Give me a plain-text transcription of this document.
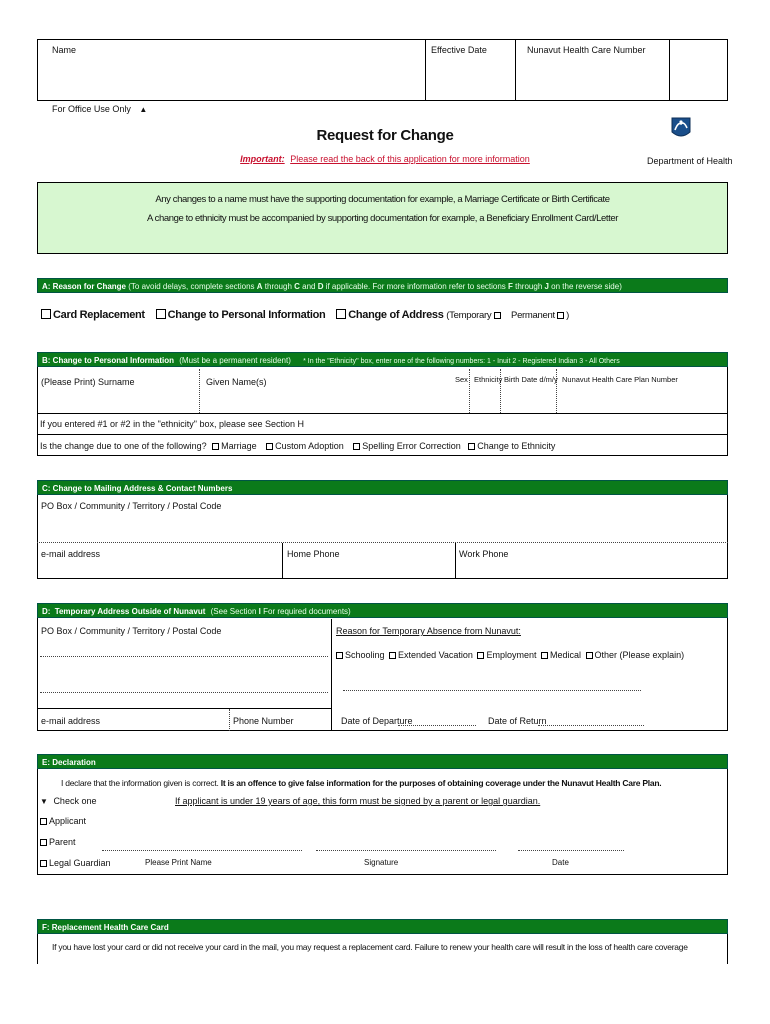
Name	Effective Date	Nunavut Health Care Number
For Office Use Only ▲
Request for Change
Important: Please read the back of this application for more information	Department of Health
Any changes to a name must have the supporting documentation for example, a Marriage Certificate or Birth Certificate
A change to ethnicity must be accompanied by supporting documentation for example, a Beneficiary Enrollment Card/Letter
A: Reason for Change (To avoid delays, complete sections A through C and D if applicable. For more information refer to sections F through J on the reverse side)
Card Replacement Change to Personal Information Change of Address (Temporary Permanent )
B: Change to Personal Information (Must be a permanent resident) * In the "Ethnicity" box, enter one of the following numbers: 1 - Inuit 2 - Registered Indian 3 - All Others
(Please Print) Surname	Given Name(s)	Sex Ethnicity Birth Date d/m/y Nunavut Health Care Plan Number
If you entered #1 or #2 in the "ethnicity" box, please see Section H
Is the change due to one of the following? Marriage Custom Adoption Spelling Error Correction Change to Ethnicity
C: Change to Mailing Address & Contact Numbers
PO Box / Community / Territory / Postal Code
e-mail address	Home Phone	Work Phone
D: Temporary Address Outside of Nunavut (See Section I For required documents)
PO Box / Community / Territory / Postal Code	Reason for Temporary Absence from Nunavut:
Schooling Extended Vacation Employment Medical Other (Please explain)
e-mail address	Phone Number	Date of Departure	Date of Return
E: Declaration
I declare that the information given is correct. It is an offence to give false information for the purposes of obtaining coverage under the Nunavut Health Care Plan.
▼ Check one	If applicant is under 19 years of age, this form must be signed by a parent or legal guardian.
Applicant
Parent
Legal Guardian	Please Print Name	Signature	Date
F: Replacement Health Care Card
If you have lost your card or did not receive your card in the mail, you may request a replacement card. Failure to renew your health care will result in the loss of health care coverage
